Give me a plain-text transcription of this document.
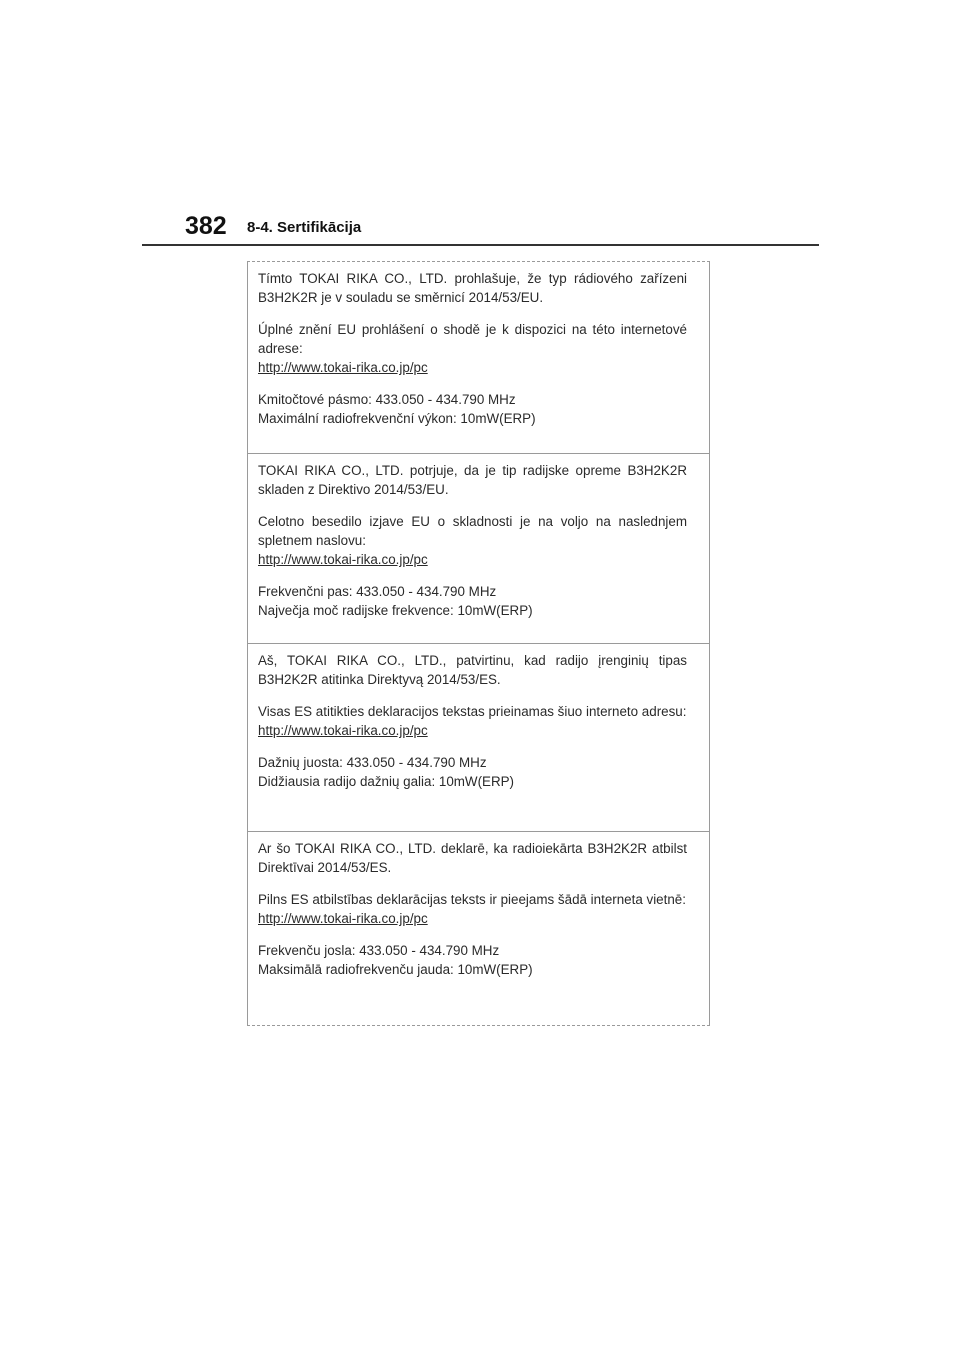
382 8-4. Sertifikācija

Tímto TOKAI RIKA CO., LTD. prohlašuje, že typ rádiového zařízeni B3H2K2R je v souladu se směrnicí 2014/53/EU.

Úplné znění EU prohlášení o shodě je k dispozici na této internetové adrese:

http://www.tokai-rika.co.jp/pc

Kmitočtové pásmo: 433.050 - 434.790 MHz

Maximální radiofrekvenční výkon: 10mW(ERP)

TOKAI RIKA CO., LTD. potrjuje, da je tip radijske opreme B3H2K2R skladen z Direktivo 2014/53/EU.

Celotno besedilo izjave EU o skladnosti je na voljo na naslednjem spletnem naslovu:

http://www.tokai-rika.co.jp/pc

Frekvenčni pas: 433.050 - 434.790 MHz

Največja moč radijske frekvence: 10mW(ERP)

Aš, TOKAI RIKA CO., LTD., patvirtinu, kad radijo įrenginių tipas B3H2K2R atitinka Direktyvą 2014/53/ES.

Visas ES atitikties deklaracijos tekstas prieinamas šiuo interneto adresu:

http://www.tokai-rika.co.jp/pc

Dažnių juosta: 433.050 - 434.790 MHz

Didžiausia radijo dažnių galia: 10mW(ERP)

Ar šo TOKAI RIKA CO., LTD. deklarē, ka radioiekārta B3H2K2R atbilst Direktīvai 2014/53/ES.

Pilns ES atbilstības deklarācijas teksts ir pieejams šādā interneta vietnē:

http://www.tokai-rika.co.jp/pc

Frekvenču josla: 433.050 - 434.790 MHz

Maksimālā radiofrekvenču jauda: 10mW(ERP)
